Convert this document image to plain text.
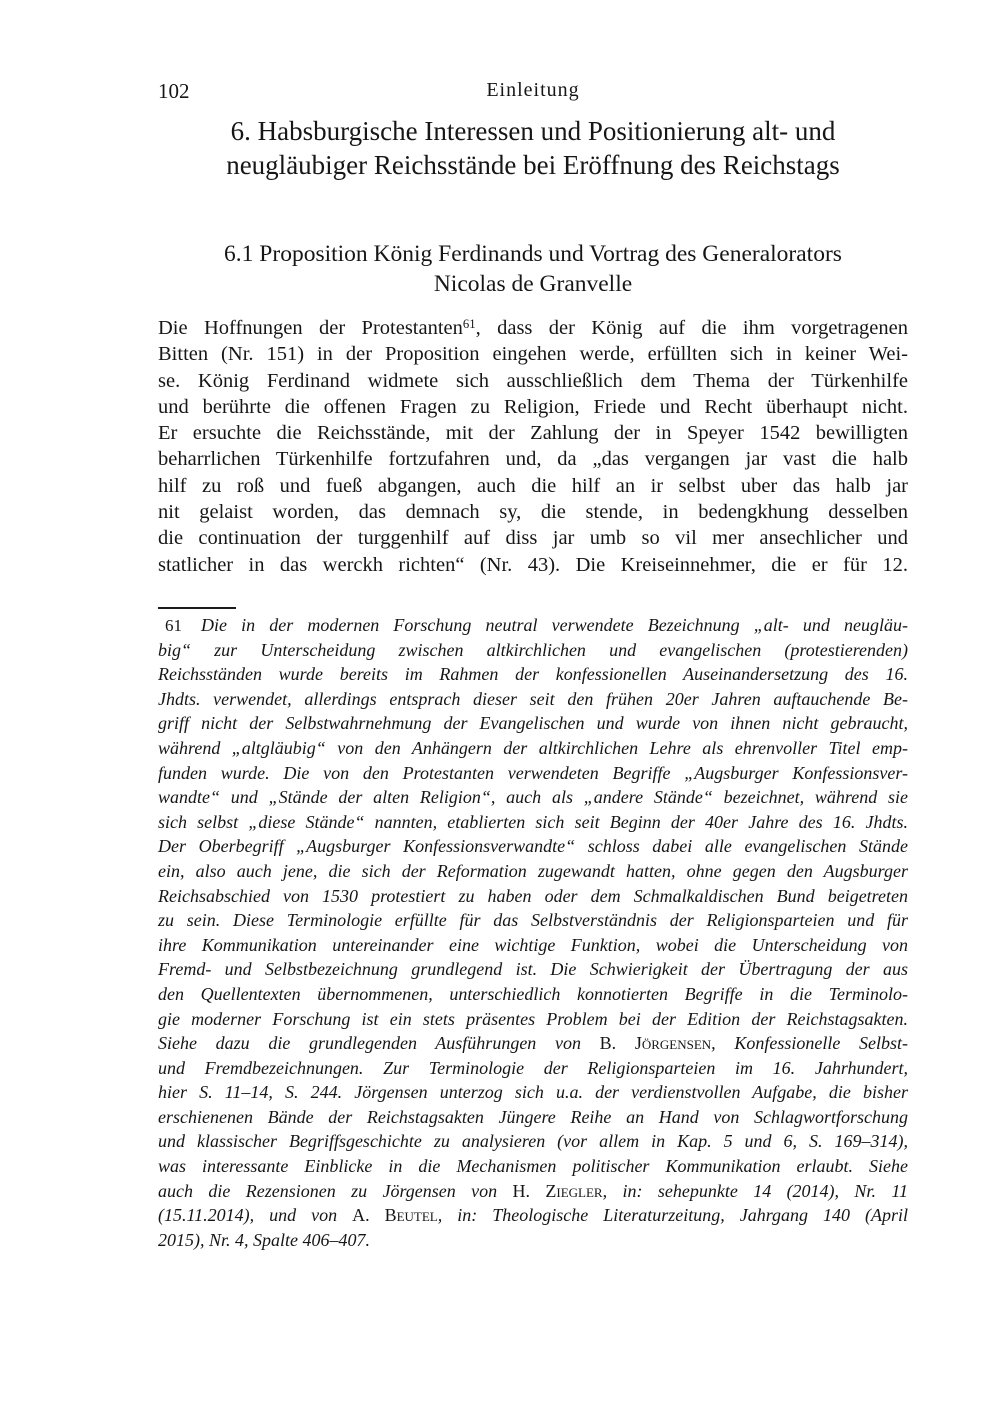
102	Einleitung
6. Habsburgische Interessen und Positionierung alt- und
neugläubiger Reichsstände bei Eröffnung des Reichstags
6.1 Proposition König Ferdinands und Vortrag des Generalorators
Nicolas de Granvelle
Die Hoffnungen der Protestanten$^{61}$, dass der König auf die ihm vorgetragenen
Bitten (Nr. 151) in der Proposition eingehen werde, erfüllten sich in keiner Wei-
se. König Ferdinand widmete sich ausschließlich dem Thema der Türkenhilfe
und berührte die offenen Fragen zu Religion, Friede und Recht überhaupt nicht.
Er ersuchte die Reichsstände, mit der Zahlung der in Speyer 1542 bewilligten
beharrlichen Türkenhilfe fortzufahren und, da „das vergangen jar vast die halb
hilf zu roß und fueß abgangen, auch die hilf an ir selbst uber das halb jar
nit gelaist worden, das demnach sy, die stende, in bedengkhung desselben
die continuation der turggenhilf auf diss jar umb so vil mer ansechlicher und
statlicher in das werckh richten“ (Nr. 43). Die Kreiseinnehmer, die er für 12.
61 Die in der modernen Forschung neutral verwendete Bezeichnung „alt- und neugläu-
big“ zur Unterscheidung zwischen altkirchlichen und evangelischen (protestierenden)
Reichsständen wurde bereits im Rahmen der konfessionellen Auseinandersetzung des 16.
Jhdts. verwendet, allerdings entsprach dieser seit den frühen 20er Jahren auftauchende Be-
griff nicht der Selbstwahrnehmung der Evangelischen und wurde von ihnen nicht gebraucht,
während „altgläubig“ von den Anhängern der altkirchlichen Lehre als ehrenvoller Titel emp-
funden wurde. Die von den Protestanten verwendeten Begriffe „Augsburger Konfessionsver-
wandte“ und „Stände der alten Religion“, auch als „andere Stände“ bezeichnet, während sie
sich selbst „diese Stände“ nannten, etablierten sich seit Beginn der 40er Jahre des 16. Jhdts.
Der Oberbegriff „Augsburger Konfessionsverwandte“ schloss dabei alle evangelischen Stände
ein, also auch jene, die sich der Reformation zugewandt hatten, ohne gegen den Augsburger
Reichsabschied von 1530 protestiert zu haben oder dem Schmalkaldischen Bund beigetreten
zu sein. Diese Terminologie erfüllte für das Selbstverständnis der Religionsparteien und für
ihre Kommunikation untereinander eine wichtige Funktion, wobei die Unterscheidung von
Fremd- und Selbstbezeichnung grundlegend ist. Die Schwierigkeit der Übertragung der aus
den Quellentexten übernommenen, unterschiedlich konnotierten Begriffe in die Terminolo-
gie moderner Forschung ist ein stets präsentes Problem bei der Edition der Reichstagsakten.
Siehe dazu die grundlegenden Ausführungen von B. Jörgensen, Konfessionelle Selbst-
und Fremdbezeichnungen. Zur Terminologie der Religionsparteien im 16. Jahrhundert,
hier S. 11–14, S. 244. Jörgensen unterzog sich u.a. der verdienstvollen Aufgabe, die bisher
erschienenen Bände der Reichstagsakten Jüngere Reihe an Hand von Schlagwortforschung
und klassischer Begriffsgeschichte zu analysieren (vor allem in Kap. 5 und 6, S. 169–314),
was interessante Einblicke in die Mechanismen politischer Kommunikation erlaubt. Siehe
auch die Rezensionen zu Jörgensen von H. Ziegler, in: sehepunkte 14 (2014), Nr. 11
(15.11.2014), und von A. Beutel, in: Theologische Literaturzeitung, Jahrgang 140 (April
2015), Nr. 4, Spalte 406–407.
